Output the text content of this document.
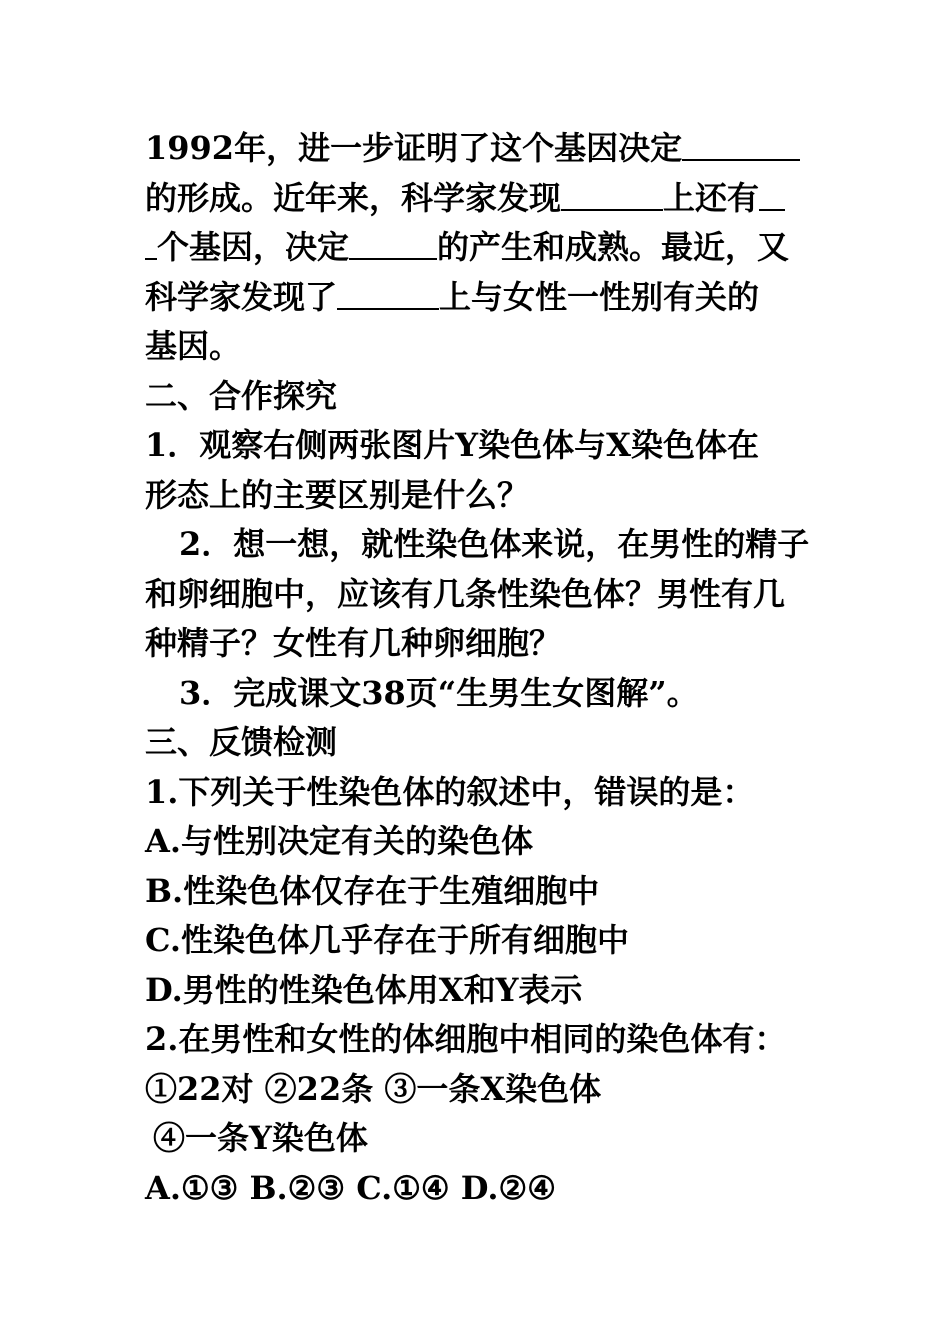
1992年，进一步证明了这个基因决定
的形成。近年来，科学家发现	上还有
个基因，决定	的产生和成熟。最近，又
科学家发现了	上与女性一性别有关的
基因。
二、合作探究
1．观察右侧两张图片Y染色体与X染色体在
形态上的主要区别是什么？
2．想一想，就性染色体来说，在男性的精子
和卵细胞中，应该有几条性染色体？男性有几
种精子？女性有几种卵细胞？
3．完成课文38页“生男生女图解”。
三、反馈检测
1.下列关于性染色体的叙述中，错误的是：
A.与性别决定有关的染色体
B.性染色体仅存在于生殖细胞中
C.性染色体几乎存在于所有细胞中
D.男性的性染色体用X和Y表示
2.在男性和女性的体细胞中相同的染色体有：
①22对 ②22条 ③一条X染色体
④一条Y染色体
A.①③ B.②③ C.①④ D.②④
